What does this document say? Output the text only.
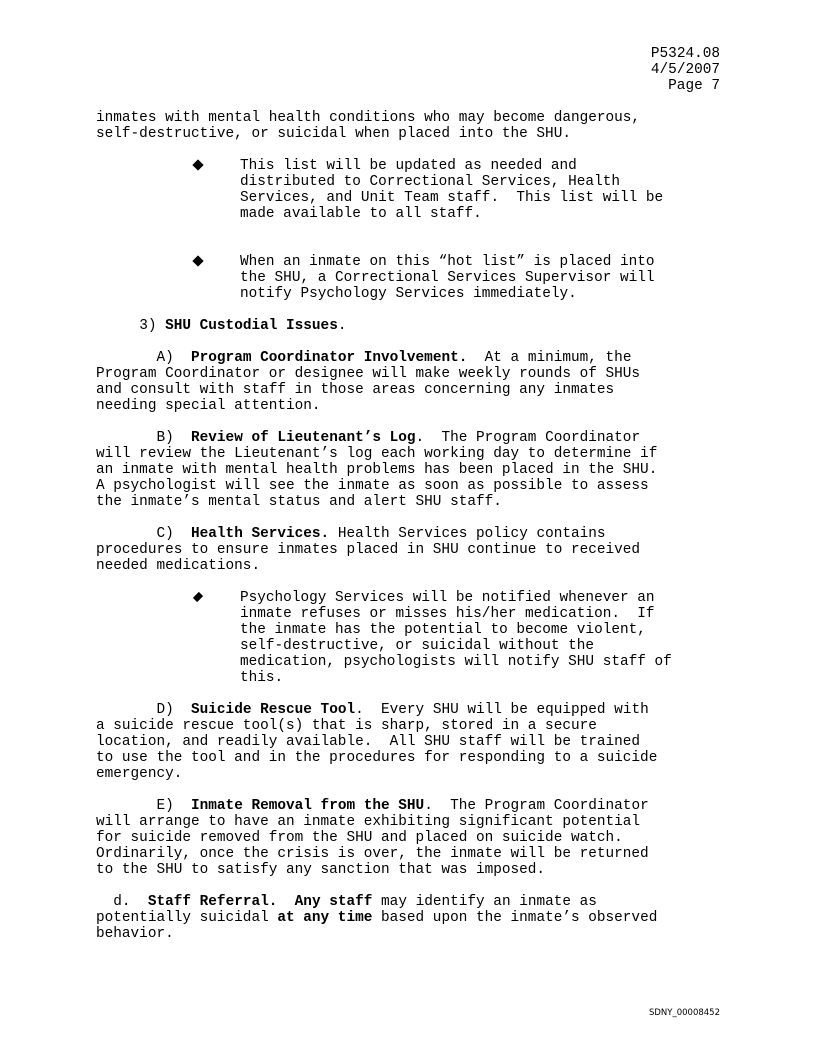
P5324.08
4/5/2007
Page 7

inmates with mental health conditions who may become dangerous,

self-destructive, or suicidal when placed into the SHU.

This list will be updated as needed and

distributed to Correctional Services, Health

Services, and Unit Team staff.  This list will be

made available to all staff.

When an inmate on this “hot list” is placed into

the SHU, a Correctional Services Supervisor will

notify Psychology Services immediately.

3) SHU Custodial Issues.

A) Program Coordinator Involvement.  At a minimum, the

Program Coordinator or designee will make weekly rounds of SHUs

and consult with staff in those areas concerning any inmates

needing special attention.

B) Review of Lieutenant’s Log.  The Program Coordinator

will review the Lieutenant’s log each working day to determine if

an inmate with mental health problems has been placed in the SHU.

A psychologist will see the inmate as soon as possible to assess

the inmate’s mental status and alert SHU staff.

C) Health Services. Health Services policy contains

procedures to ensure inmates placed in SHU continue to received

needed medications.

Psychology Services will be notified whenever an

inmate refuses or misses his/her medication.  If

the inmate has the potential to become violent,

self-destructive, or suicidal without the

medication, psychologists will notify SHU staff of

this.

D) Suicide Rescue Tool.  Every SHU will be equipped with

a suicide rescue tool(s) that is sharp, stored in a secure

location, and readily available.  All SHU staff will be trained

to use the tool and in the procedures for responding to a suicide

emergency.

E) Inmate Removal from the SHU.  The Program Coordinator

will arrange to have an inmate exhibiting significant potential

for suicide removed from the SHU and placed on suicide watch.

Ordinarily, once the crisis is over, the inmate will be returned

to the SHU to satisfy any sanction that was imposed.

d. Staff Referral. Any staff may identify an inmate as

potentially suicidal at any time based upon the inmate’s observed

behavior.

SDNY_00008452
